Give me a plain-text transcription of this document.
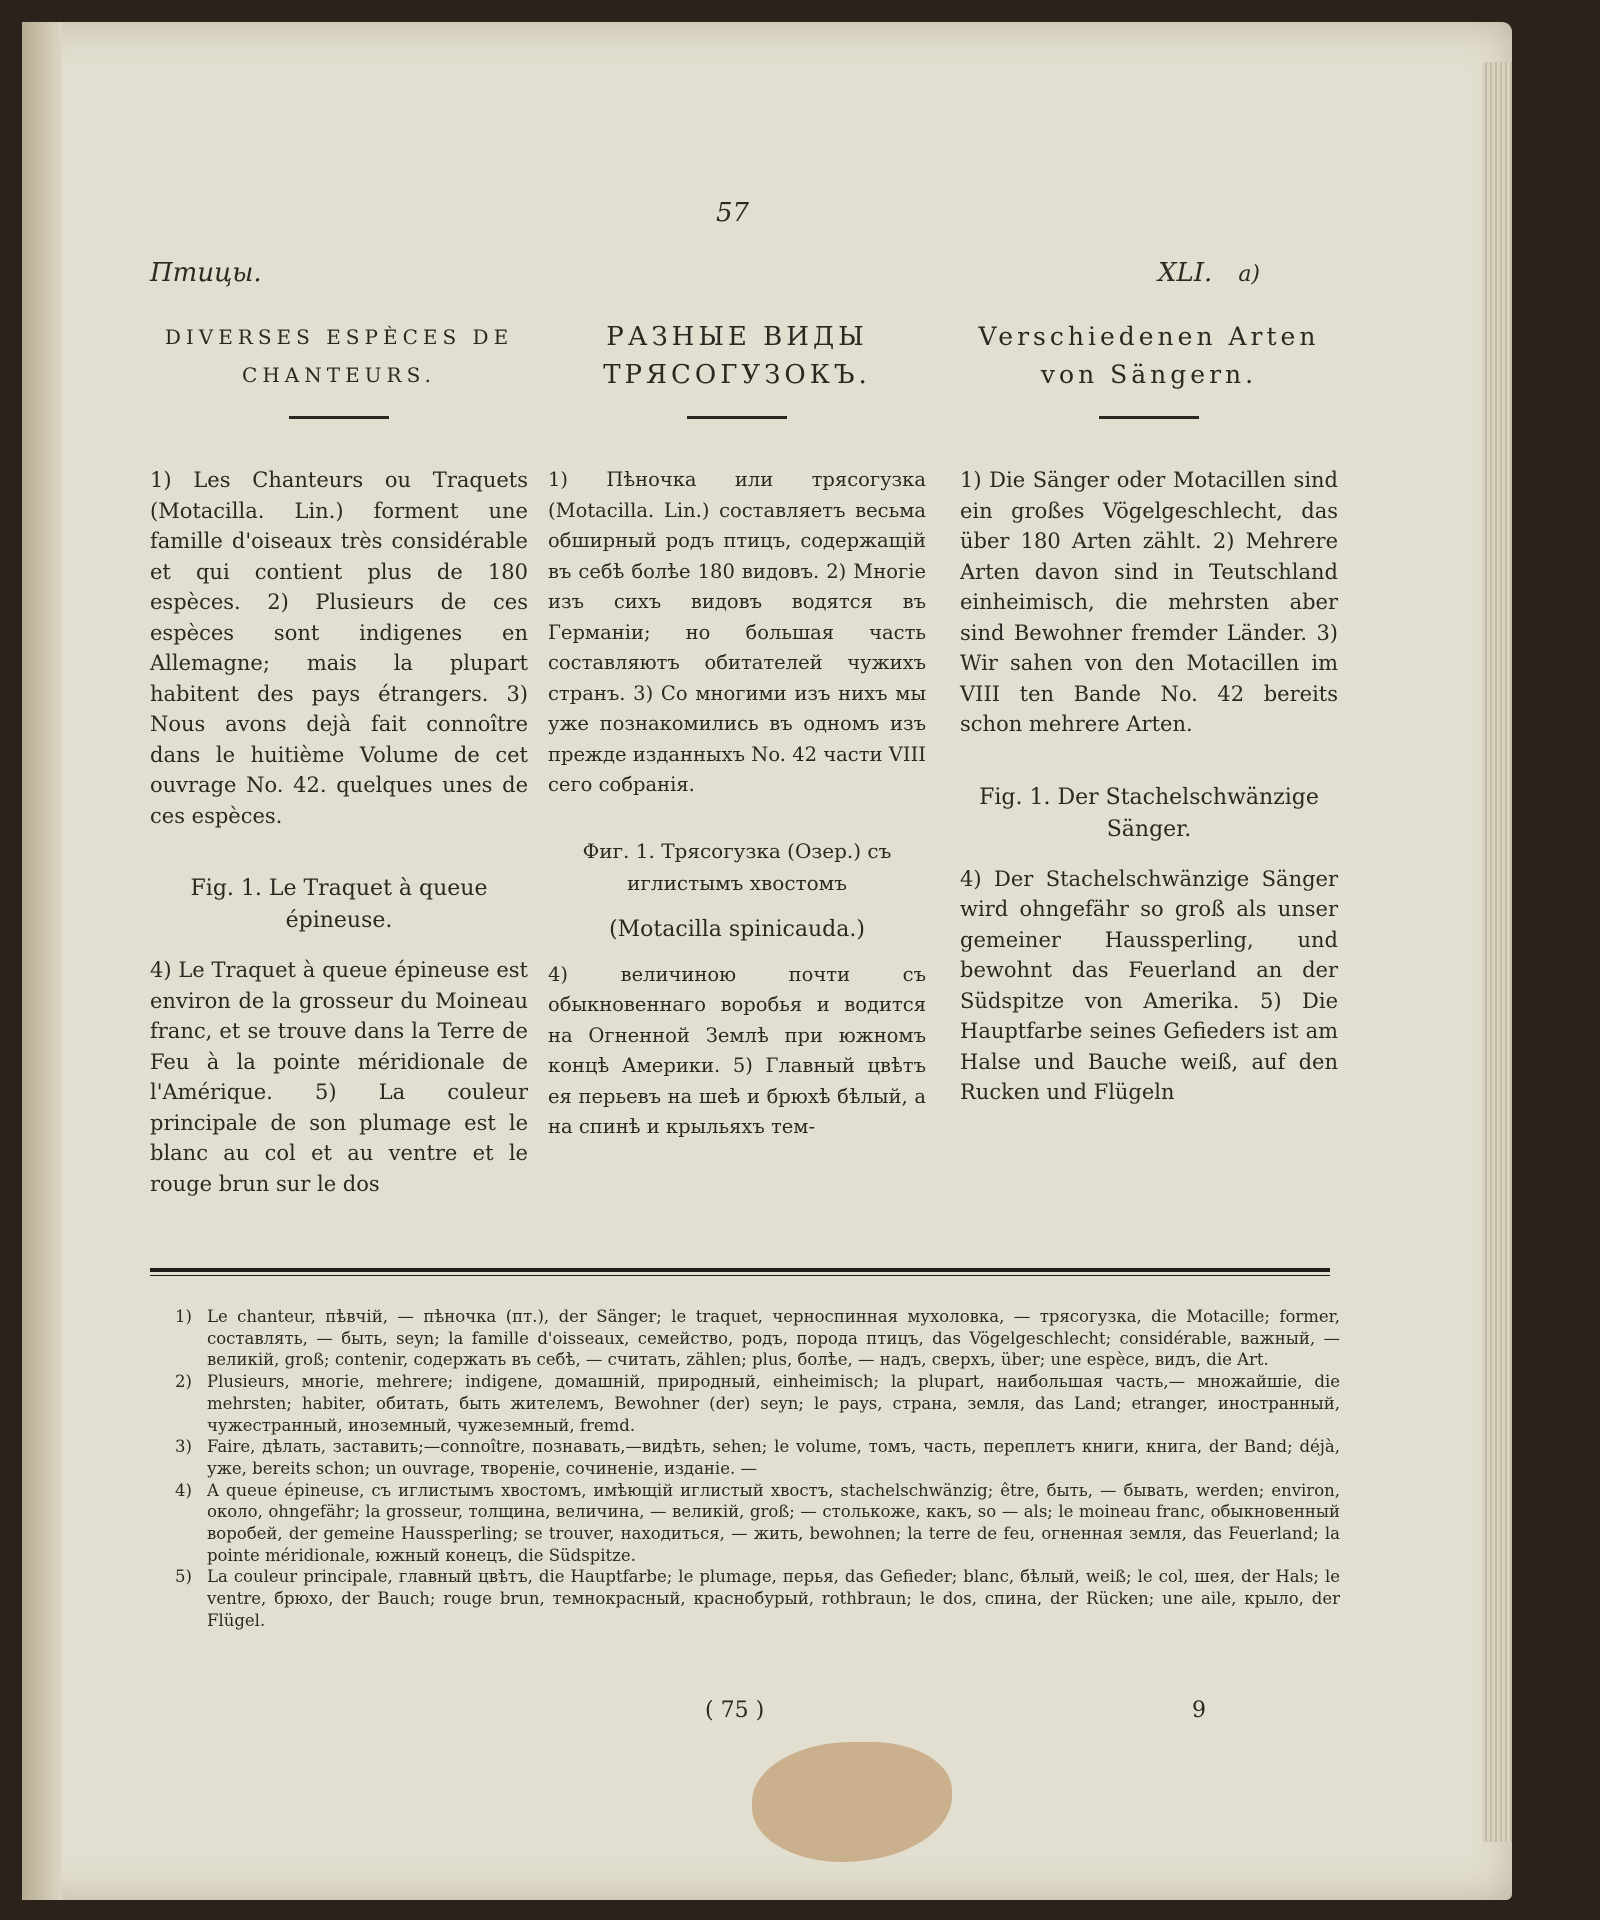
57
Птицы.	XLI. a)
DIVERSES ESPÈCES DE CHANTEURS.

1) Les Chanteurs ou Traquets (Motacilla. Lin.) forment une famille d'oiseaux très considérable et qui contient plus de 180 espèces. 2) Plusieurs de ces espèces sont indigenes en Allemagne; mais la plupart habitent des pays étrangers. 3) Nous avons dejà fait connoître dans le huitième Volume de cet ouvrage No. 42. quelques unes de ces espèces.

Fig. 1. Le Traquet à queue épineuse.

4) Le Traquet à queue épineuse est environ de la grosseur du Moineau franc, et se trouve dans la Terre de Feu à la pointe méridionale de l'Amérique. 5) La couleur principale de son plumage est le blanc au col et au ventre et le rouge brun sur le dos

РАЗНЫЕ ВИДЫ ТРЯСОГУЗОКЪ.

1) Пѣночка или трясогузка (Motacilla. Lin.) составляетъ весьма обширный родъ птицъ, содержащій въ себѣ болѣе 180 видовъ. 2) Многіе изъ сихъ видовъ водятся въ Германіи; но большая часть составляютъ обитателей чужихъ странъ. 3) Со многими изъ нихъ мы уже познакомились въ одномъ изъ прежде изданныхъ No. 42 части VIII сего собранія.

Фиг. 1. Трясогузка (Озер.) съ иглистымъ хвостомъ
(Motacilla spinicauda.)

4) величиною почти съ обыкновеннаго воробья и водится на Огненной Землѣ при южномъ концѣ Америки. 5) Главный цвѣтъ ея перьевъ на шеѣ и брюхѣ бѣлый, а на спинѣ и крыльяхъ тем-

Verschiedenen Arten von Sängern.

1) Die Sänger oder Motacillen sind ein großes Vögelgeschlecht, das über 180 Arten zählt. 2) Mehrere Arten davon sind in Teutschland einheimisch, die mehrsten aber sind Bewohner fremder Länder. 3) Wir sahen von den Motacillen im VIII ten Bande No. 42 bereits schon mehrere Arten.

Fig. 1. Der Stachelschwänzige Sänger.

4) Der Stachelschwänzige Sänger wird ohngefähr so groß als unser gemeiner Haussperling, und bewohnt das Feuerland an der Südspitze von Amerika. 5) Die Hauptfarbe seines Gefieders ist am Halse und Bauche weiß, auf den Rucken und Flügeln

1) Le chanteur, пѣвчій, — пѣночка (пт.), der Sänger; le traquet, черноспинная мухоловка, — трясогузка, die Motacille; former, составлять, — быть, seyn; la famille d'oisseaux, семейство, родъ, порода птицъ, das Vögelgeschlecht; considérable, важный, — великій, groß; contenir, содержать въ себѣ, — считать, zählen; plus, болѣе, — надъ, сверхъ, über; une espèce, видъ, die Art.

2) Plusieurs, многіе, mehrere; indigene, домашній, природный, einheimisch; la plupart, наибольшая часть,— множайшіе, die mehrsten; habiter, обитать, быть жителемъ, Bewohner (der) seyn; le pays, страна, земля, das Land; etranger, иностранный, чужестранный, иноземный, чужеземный, fremd.

3) Faire, дѣлать, заставить;—connoître, познавать,—видѣть, sehen; le volume, томъ, часть, переплетъ книги, книга, der Band; déjà, уже, bereits schon; un ouvrage, твореніе, сочиненіе, изданіе. —

4) A queue épineuse, съ иглистымъ хвостомъ, имѣющій иглистый хвостъ, stachelschwänzig; être, быть, — бывать, werden; environ, около, ohngefähr; la grosseur, толщина, величина, — великій, groß; — столькоже, какъ, so — als; le moineau franc, обыкновенный воробей, der gemeine Haussperling; se trouver, находиться, — жить, bewohnen; la terre de feu, огненная земля, das Feuerland; la pointe méridionale, южный конецъ, die Südspitze.

5) La couleur principale, главный цвѣтъ, die Hauptfarbe; le plumage, перья, das Gefieder; blanc, бѣлый, weiß; le col, шея, der Hals; le ventre, брюхо, der Bauch; rouge brun, темнокрасный, краснобурый, rothbraun; le dos, спина, der Rücken; une aile, крыло, der Flügel.

( 75 )	9
